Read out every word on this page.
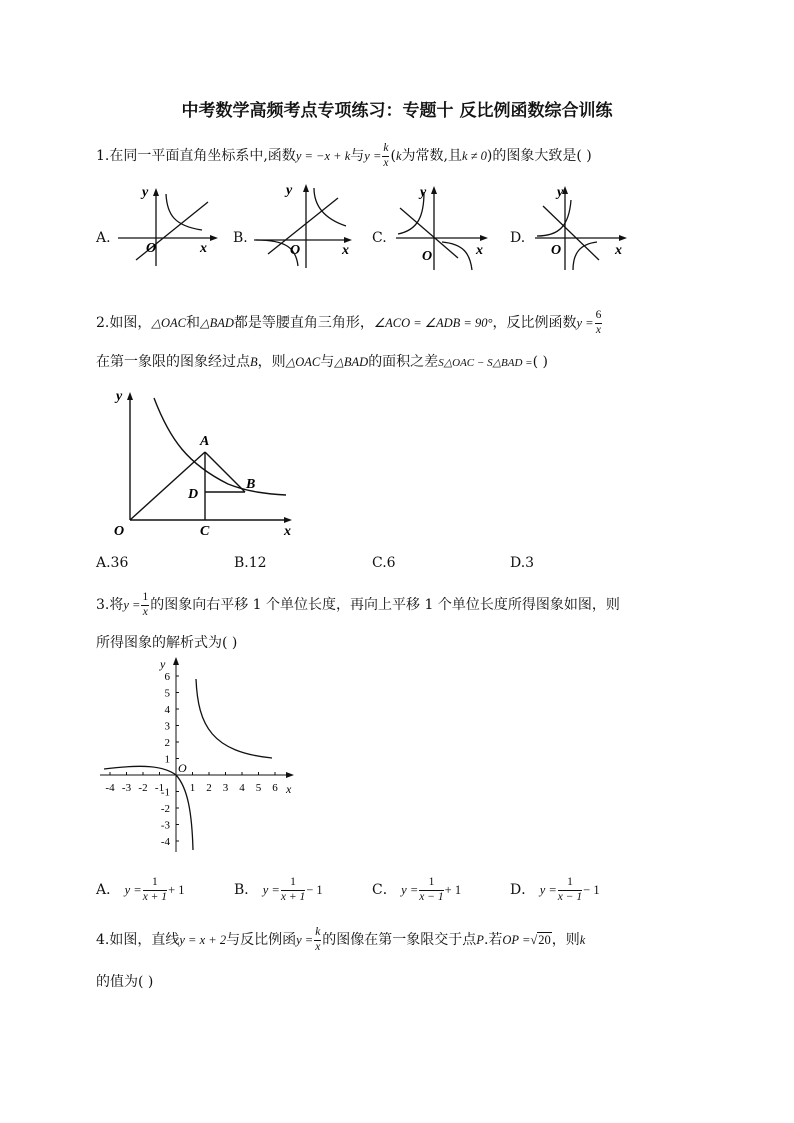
中考数学高频考点专项练习：专题十 反比例函数综合训练
1.在同一平面直角坐标系中,函数y = −x + k与$y = \frac{k}{x} (k$为常数,且k ≠ 0)的图象大致是( )
A.
y
x
O
B.
y
x
O
C.
y
x
O
D.
y
x
O
2.如图，△OAC和△BAD都是等腰直角三角形，∠ACO = ∠ADB = 90°，反比例函数$y = \frac{6}{x}$
在第一象限的图象经过点B，则△OAC与△BAD的面积之差S△OAC − S△BAD =( )
y
x
O
A
B
C
D
A.36	B.12	C.6	D.3
3.将$y = \frac{1}{x}$ 的图象向右平移 1 个单位长度，再向上平移 1 个单位长度所得图象如图，则
所得图象的解析式为( )
-4 -3 -2 -1 1 2 3 4 5 6
6
5
4
3
2
1
-1
-2
-3
-4
y
x
O
A． $y = \frac{1}{x + 1} + 1$	B． $y = \frac{1}{x + 1} - 1$	C． $y = \frac{1}{x - 1} + 1$	D． $y = \frac{1}{x - 1} - 1$
4.如图，直线y = x + 2与反比例函$y = \frac{k}{x}$ 的图像在第一象限交于点P.若OP =√20，则k
的值为( )
